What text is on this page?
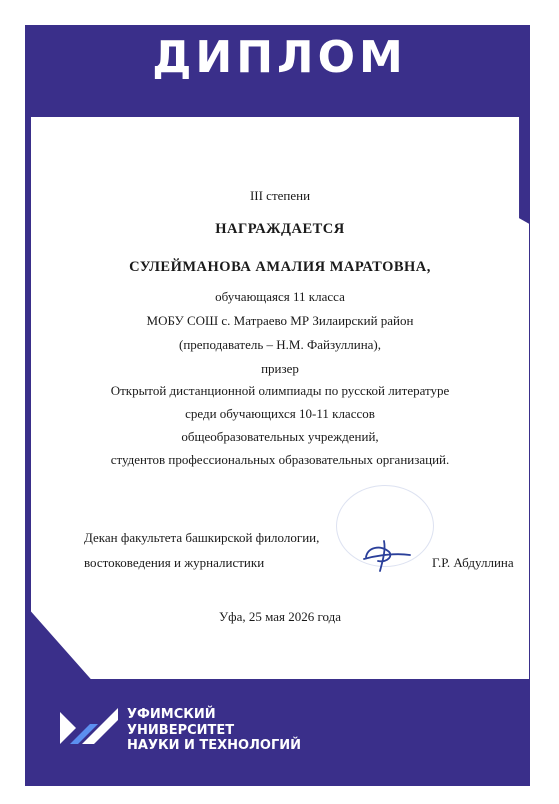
ДИПЛОМ
III степени
НАГРАЖДАЕТСЯ
СУЛЕЙМАНОВА АМАЛИЯ МАРАТОВНА,
обучающаяся 11 класса
МОБУ СОШ с. Матраево МР Зилаирский район
(преподаватель – Н.М. Файзуллина),
призер
Открытой дистанционной олимпиады по русской литературе
среди обучающихся 10-11 классов
общеобразовательных учреждений,
студентов профессиональных образовательных организаций.
Декан факультета башкирской филологии,
востоковедения и журналистики	Г.Р. Абдуллина
Уфа, 25 мая 2026 года
УФИМСКИЙ
УНИВЕРСИТЕТ
НАУКИ И ТЕХНОЛОГИЙ
